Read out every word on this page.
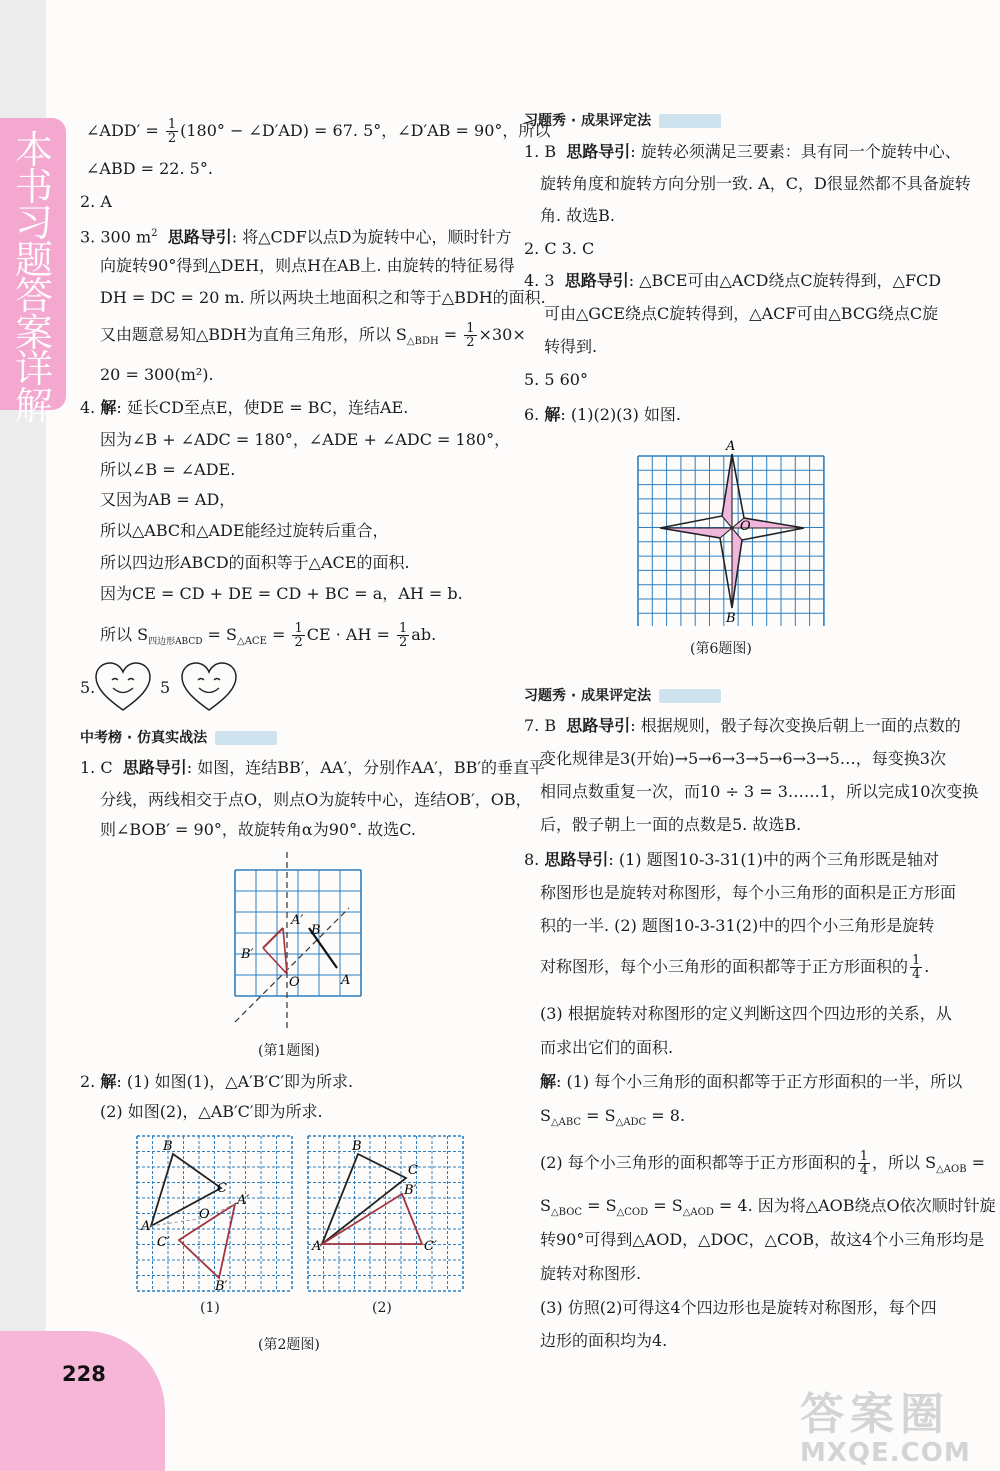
本书习题答案详解
228
∠ADD′ = $\frac{1}{2} (180^\circ$ − ∠D′AD) = 67. 5°，∠D′AB = 90°，所以
∠ABD = 22. 5°.
2. A
3. 300 $m^2$ 思路导引: 将△CDF以点D为旋转中心，顺时针方
向旋转90°得到△DEH，则点H在AB上. 由旋转的特征易得
DH = DC = 20 m. 所以两块土地面积之和等于△BDH的面积.
又由题意易知△BDH为直角三角形，所以 $S_{\triangle BDH} = \frac{1}{2} \times 30\times$
20 = 300(m²).
4. 解: 延长CD至点E，使DE = BC，连结AE.
因为∠B + ∠ADC = 180°，∠ADE + ∠ADC = 180°，
所以∠B = ∠ADE.
又因为AB = AD，
所以△ABC和△ADE能经过旋转后重合，
所以四边形ABCD的面积等于△ACE的面积.
因为CE = CD + DE = CD + BC = a，AH = b.
所以 $S_{四边形ABCD} = S_{\triangle ACE} = \frac{1}{2}$ CE · AH = $\frac{1}{2}$ ab.
5.	5
中考榜 · 仿真实战法
1. C 思路导引: 如图，连结BB′，AA′，分别作AA′，BB′的垂直平
分线，两线相交于点O，则点O为旋转中心，连结OB′，OB，
则∠BOB′ = 90°，故旋转角α为90°. 故选C.
A′
B
B′
O	A
(第1题图)
2. 解: (1) 如图(1)，△A′B′C′即为所求.
(2) 如图(2)，△AB′C′即为所求.
B
C
A
A′
O
C′
B′
(1)
B
C
B′
A	C′
(2)
(第2题图)
习题秀 · 成果评定法
1. B 思路导引: 旋转必须满足三要素：具有同一个旋转中心、
旋转角度和旋转方向分别一致. A，C，D很显然都不具备旋转
角. 故选B.
2. C 3. C
4. 3 思路导引: △BCE可由△ACD绕点C旋转得到，△FCD
可由△GCE绕点C旋转得到，△ACF可由△BCG绕点C旋
转得到.
5. 5 60°
6. 解: (1)(2)(3) 如图.
A
O
B
(第6题图)
习题秀 · 成果评定法
7. B 思路导引: 根据规则，骰子每次变换后朝上一面的点数的
变化规律是3(开始)→5→6→3→5→6→3→5…，每变换3次
相同点数重复一次，而10 ÷ 3 = 3……1，所以完成10次变换
后，骰子朝上一面的点数是5. 故选B.
8. 思路导引: (1) 题图10-3-31(1)中的两个三角形既是轴对
称图形也是旋转对称图形，每个小三角形的面积是正方形面
积的一半. (2) 题图10-3-31(2)中的四个小三角形是旋转
对称图形，每个小三角形的面积都等于正方形面积的 $\frac{1}{4}$ .
(3) 根据旋转对称图形的定义判断这四个四边形的关系，从
而求出它们的面积.
解: (1) 每个小三角形的面积都等于正方形面积的一半，所以
$S_{\triangle ABC} = S_{\triangle ADC} = 8$.
(2) 每个小三角形的面积都等于正方形面积的 $\frac{1}{4}$ ，所以 $S_{\triangle AOB}$ =
$S_{\triangle BOC} = S_{\triangle COD} = S_{\triangle AOD} = 4$. 因为将△AOB绕点O依次顺时针旋
转90°可得到△AOD，△DOC，△COB，故这4个小三角形均是
旋转对称图形.
(3) 仿照(2)可得这4个四边形也是旋转对称图形，每个四
边形的面积均为4.
答案圈
MXQE.COM
